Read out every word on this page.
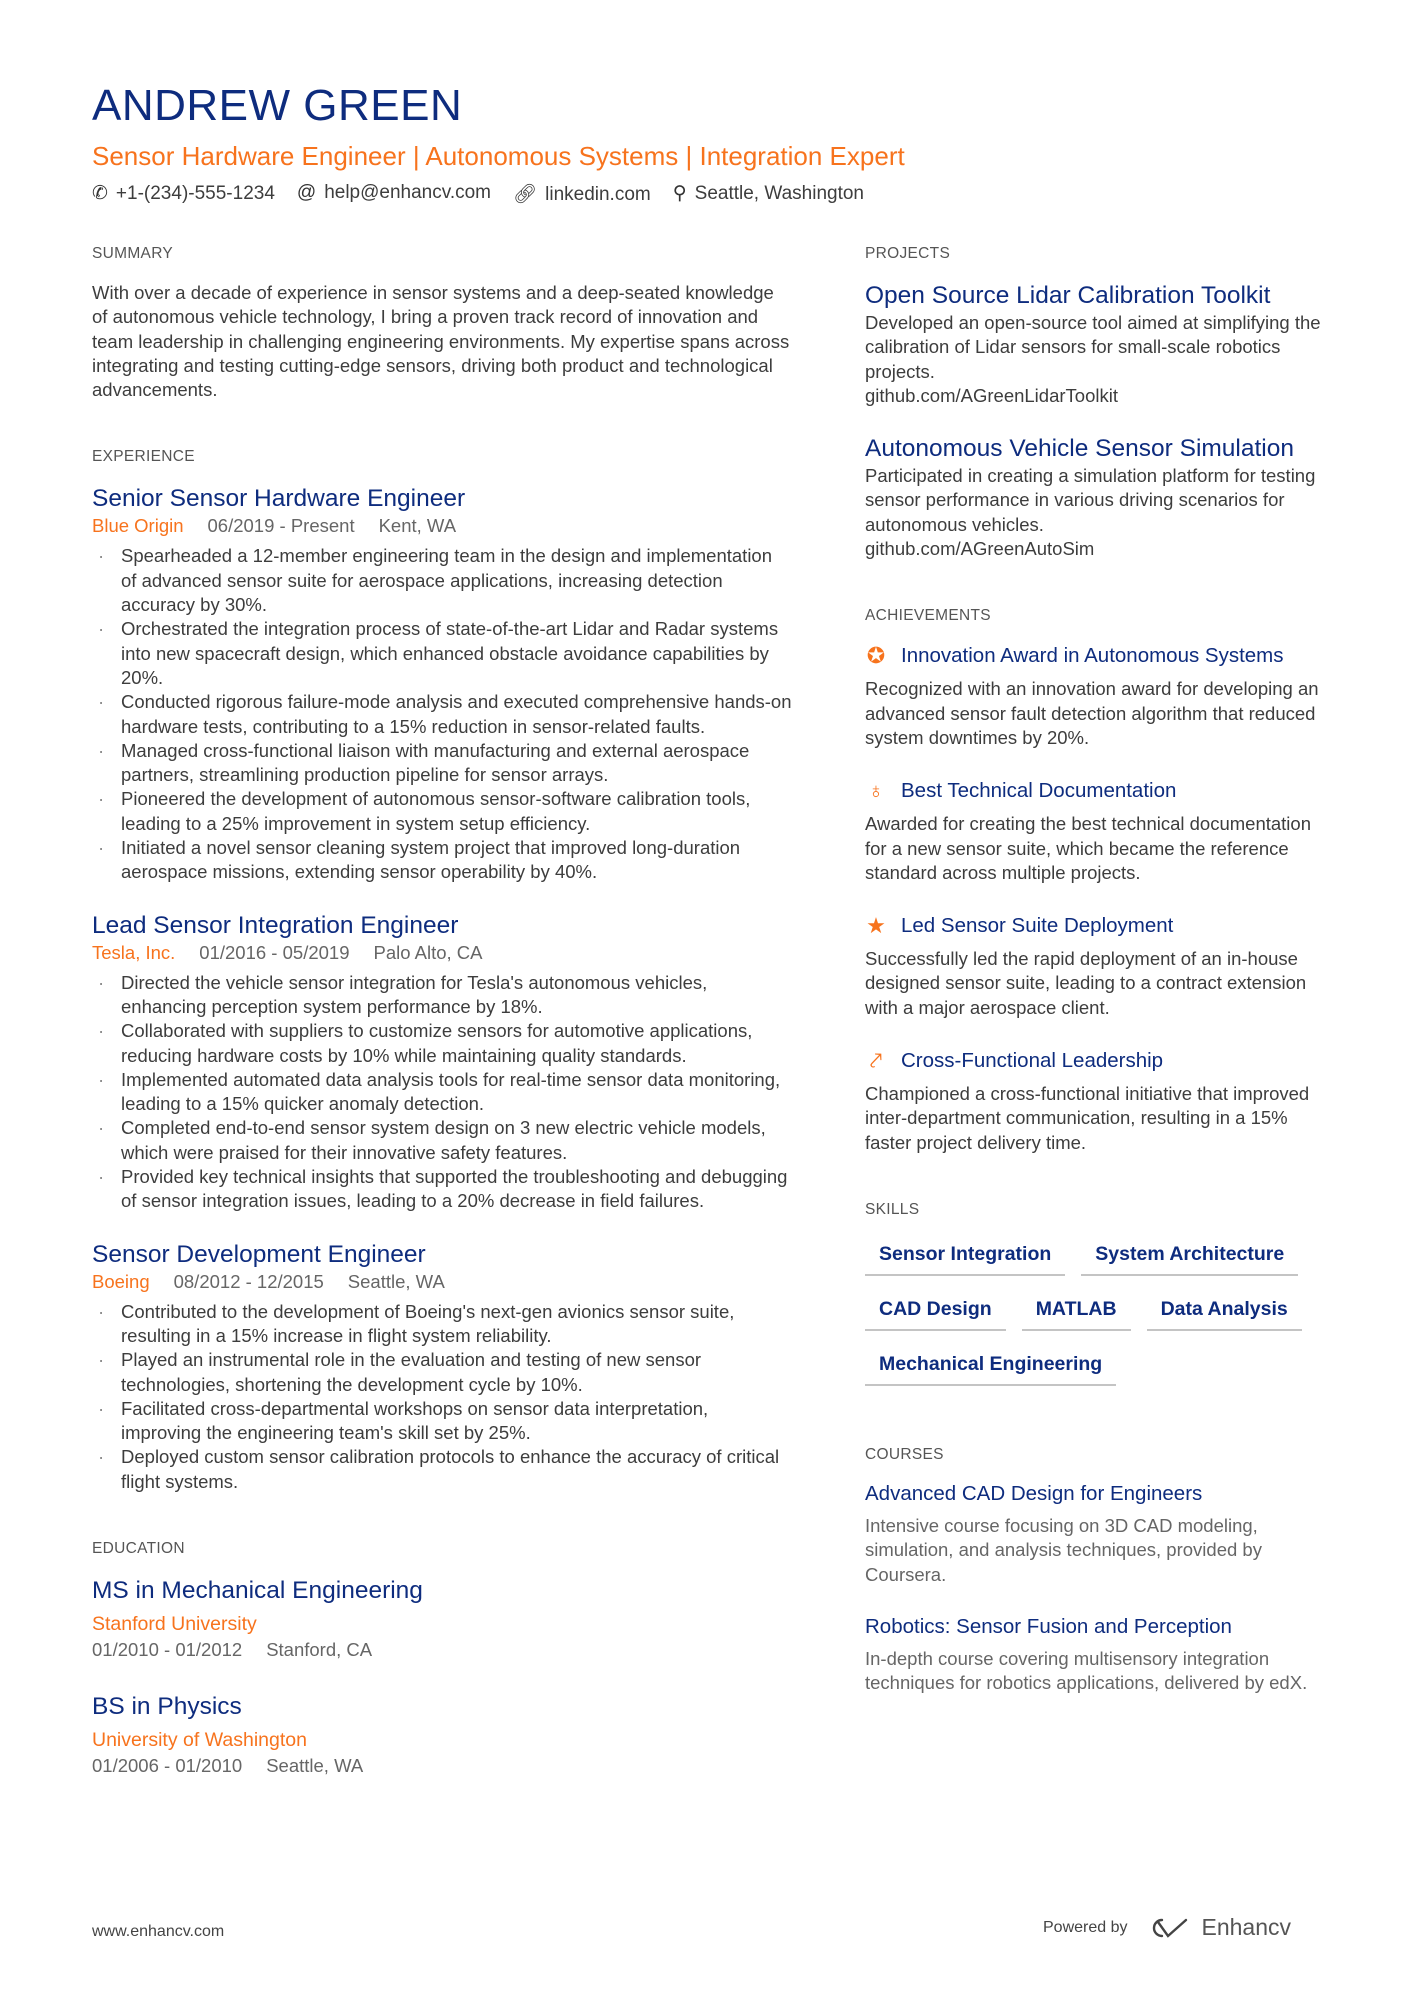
ANDREW GREEN
Sensor Hardware Engineer | Autonomous Systems | Integration Expert
✆ +1-(234)-555-1234 @ help@enhancv.com 🔗︎ linkedin.com ⚲ Seattle, Washington
SUMMARY
With over a decade of experience in sensor systems and a deep-seated knowledge of autonomous vehicle technology, I bring a proven track record of innovation and team leadership in challenging engineering environments. My expertise spans across integrating and testing cutting-edge sensors, driving both product and technological advancements.
EXPERIENCE
Senior Sensor Hardware Engineer
Blue Origin 06/2019 - Present Kent, WA
· Spearheaded a 12-member engineering team in the design and implementation of advanced sensor suite for aerospace applications, increasing detection accuracy by 30%.
· Orchestrated the integration process of state-of-the-art Lidar and Radar systems into new spacecraft design, which enhanced obstacle avoidance capabilities by 20%.
· Conducted rigorous failure-mode analysis and executed comprehensive hands-on hardware tests, contributing to a 15% reduction in sensor-related faults.
· Managed cross-functional liaison with manufacturing and external aerospace partners, streamlining production pipeline for sensor arrays.
· Pioneered the development of autonomous sensor-software calibration tools, leading to a 25% improvement in system setup efficiency.
· Initiated a novel sensor cleaning system project that improved long-duration aerospace missions, extending sensor operability by 40%.
Lead Sensor Integration Engineer
Tesla, Inc. 01/2016 - 05/2019 Palo Alto, CA
· Directed the vehicle sensor integration for Tesla's autonomous vehicles, enhancing perception system performance by 18%.
· Collaborated with suppliers to customize sensors for automotive applications, reducing hardware costs by 10% while maintaining quality standards.
· Implemented automated data analysis tools for real-time sensor data monitoring, leading to a 15% quicker anomaly detection.
· Completed end-to-end sensor system design on 3 new electric vehicle models, which were praised for their innovative safety features.
· Provided key technical insights that supported the troubleshooting and debugging of sensor integration issues, leading to a 20% decrease in field failures.
Sensor Development Engineer
Boeing 08/2012 - 12/2015 Seattle, WA
· Contributed to the development of Boeing's next-gen avionics sensor suite, resulting in a 15% increase in flight system reliability.
· Played an instrumental role in the evaluation and testing of new sensor technologies, shortening the development cycle by 10%.
· Facilitated cross-departmental workshops on sensor data interpretation, improving the engineering team's skill set by 25%.
· Deployed custom sensor calibration protocols to enhance the accuracy of critical flight systems.
EDUCATION
MS in Mechanical Engineering
Stanford University
01/2010 - 01/2012 Stanford, CA
BS in Physics
University of Washington
01/2006 - 01/2010 Seattle, WA
PROJECTS
Open Source Lidar Calibration Toolkit
Developed an open-source tool aimed at simplifying the calibration of Lidar sensors for small-scale robotics projects.
github.com/AGreenLidarToolkit
Autonomous Vehicle Sensor Simulation
Participated in creating a simulation platform for testing sensor performance in various driving scenarios for autonomous vehicles.
github.com/AGreenAutoSim
ACHIEVEMENTS
✪ Innovation Award in Autonomous Systems
Recognized with an innovation award for developing an advanced sensor fault detection algorithm that reduced system downtimes by 20%.
♁ Best Technical Documentation
Awarded for creating the best technical documentation for a new sensor suite, which became the reference standard across multiple projects.
★ Led Sensor Suite Deployment
Successfully led the rapid deployment of an in-house designed sensor suite, leading to a contract extension with a major aerospace client.
⤤ Cross-Functional Leadership
Championed a cross-functional initiative that improved inter-department communication, resulting in a 15% faster project delivery time.
SKILLS
Sensor Integration	System Architecture
CAD Design	MATLAB	Data Analysis
Mechanical Engineering
COURSES
Advanced CAD Design for Engineers
Intensive course focusing on 3D CAD modeling, simulation, and analysis techniques, provided by Coursera.
Robotics: Sensor Fusion and Perception
In-depth course covering multisensory integration techniques for robotics applications, delivered by edX.
www.enhancv.com	Powered by	Enhancv
